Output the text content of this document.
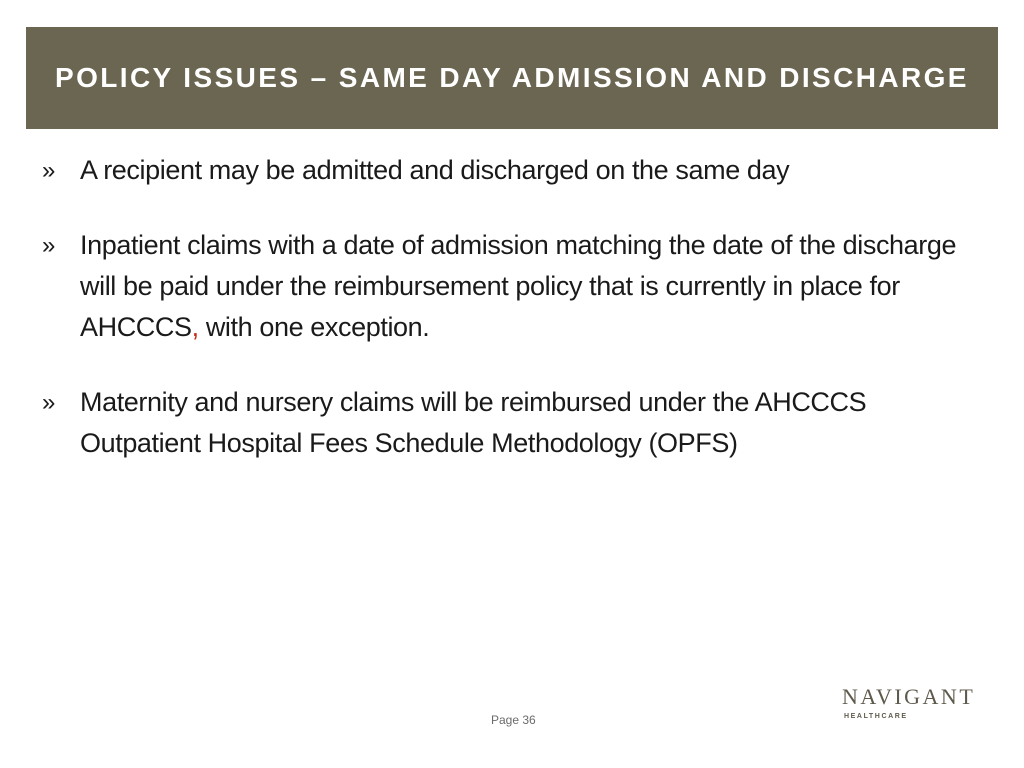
POLICY ISSUES – SAME DAY ADMISSION AND DISCHARGE
» A recipient may be admitted and discharged on the same day
» Inpatient claims with a date of admission matching the date of the discharge will be paid under the reimbursement policy that is currently in place for AHCCCS, with one exception.
» Maternity and nursery claims will be reimbursed under the AHCCCS Outpatient Hospital Fees Schedule Methodology (OPFS)
Page 36
NAVIGANT
HEALTHCARE
